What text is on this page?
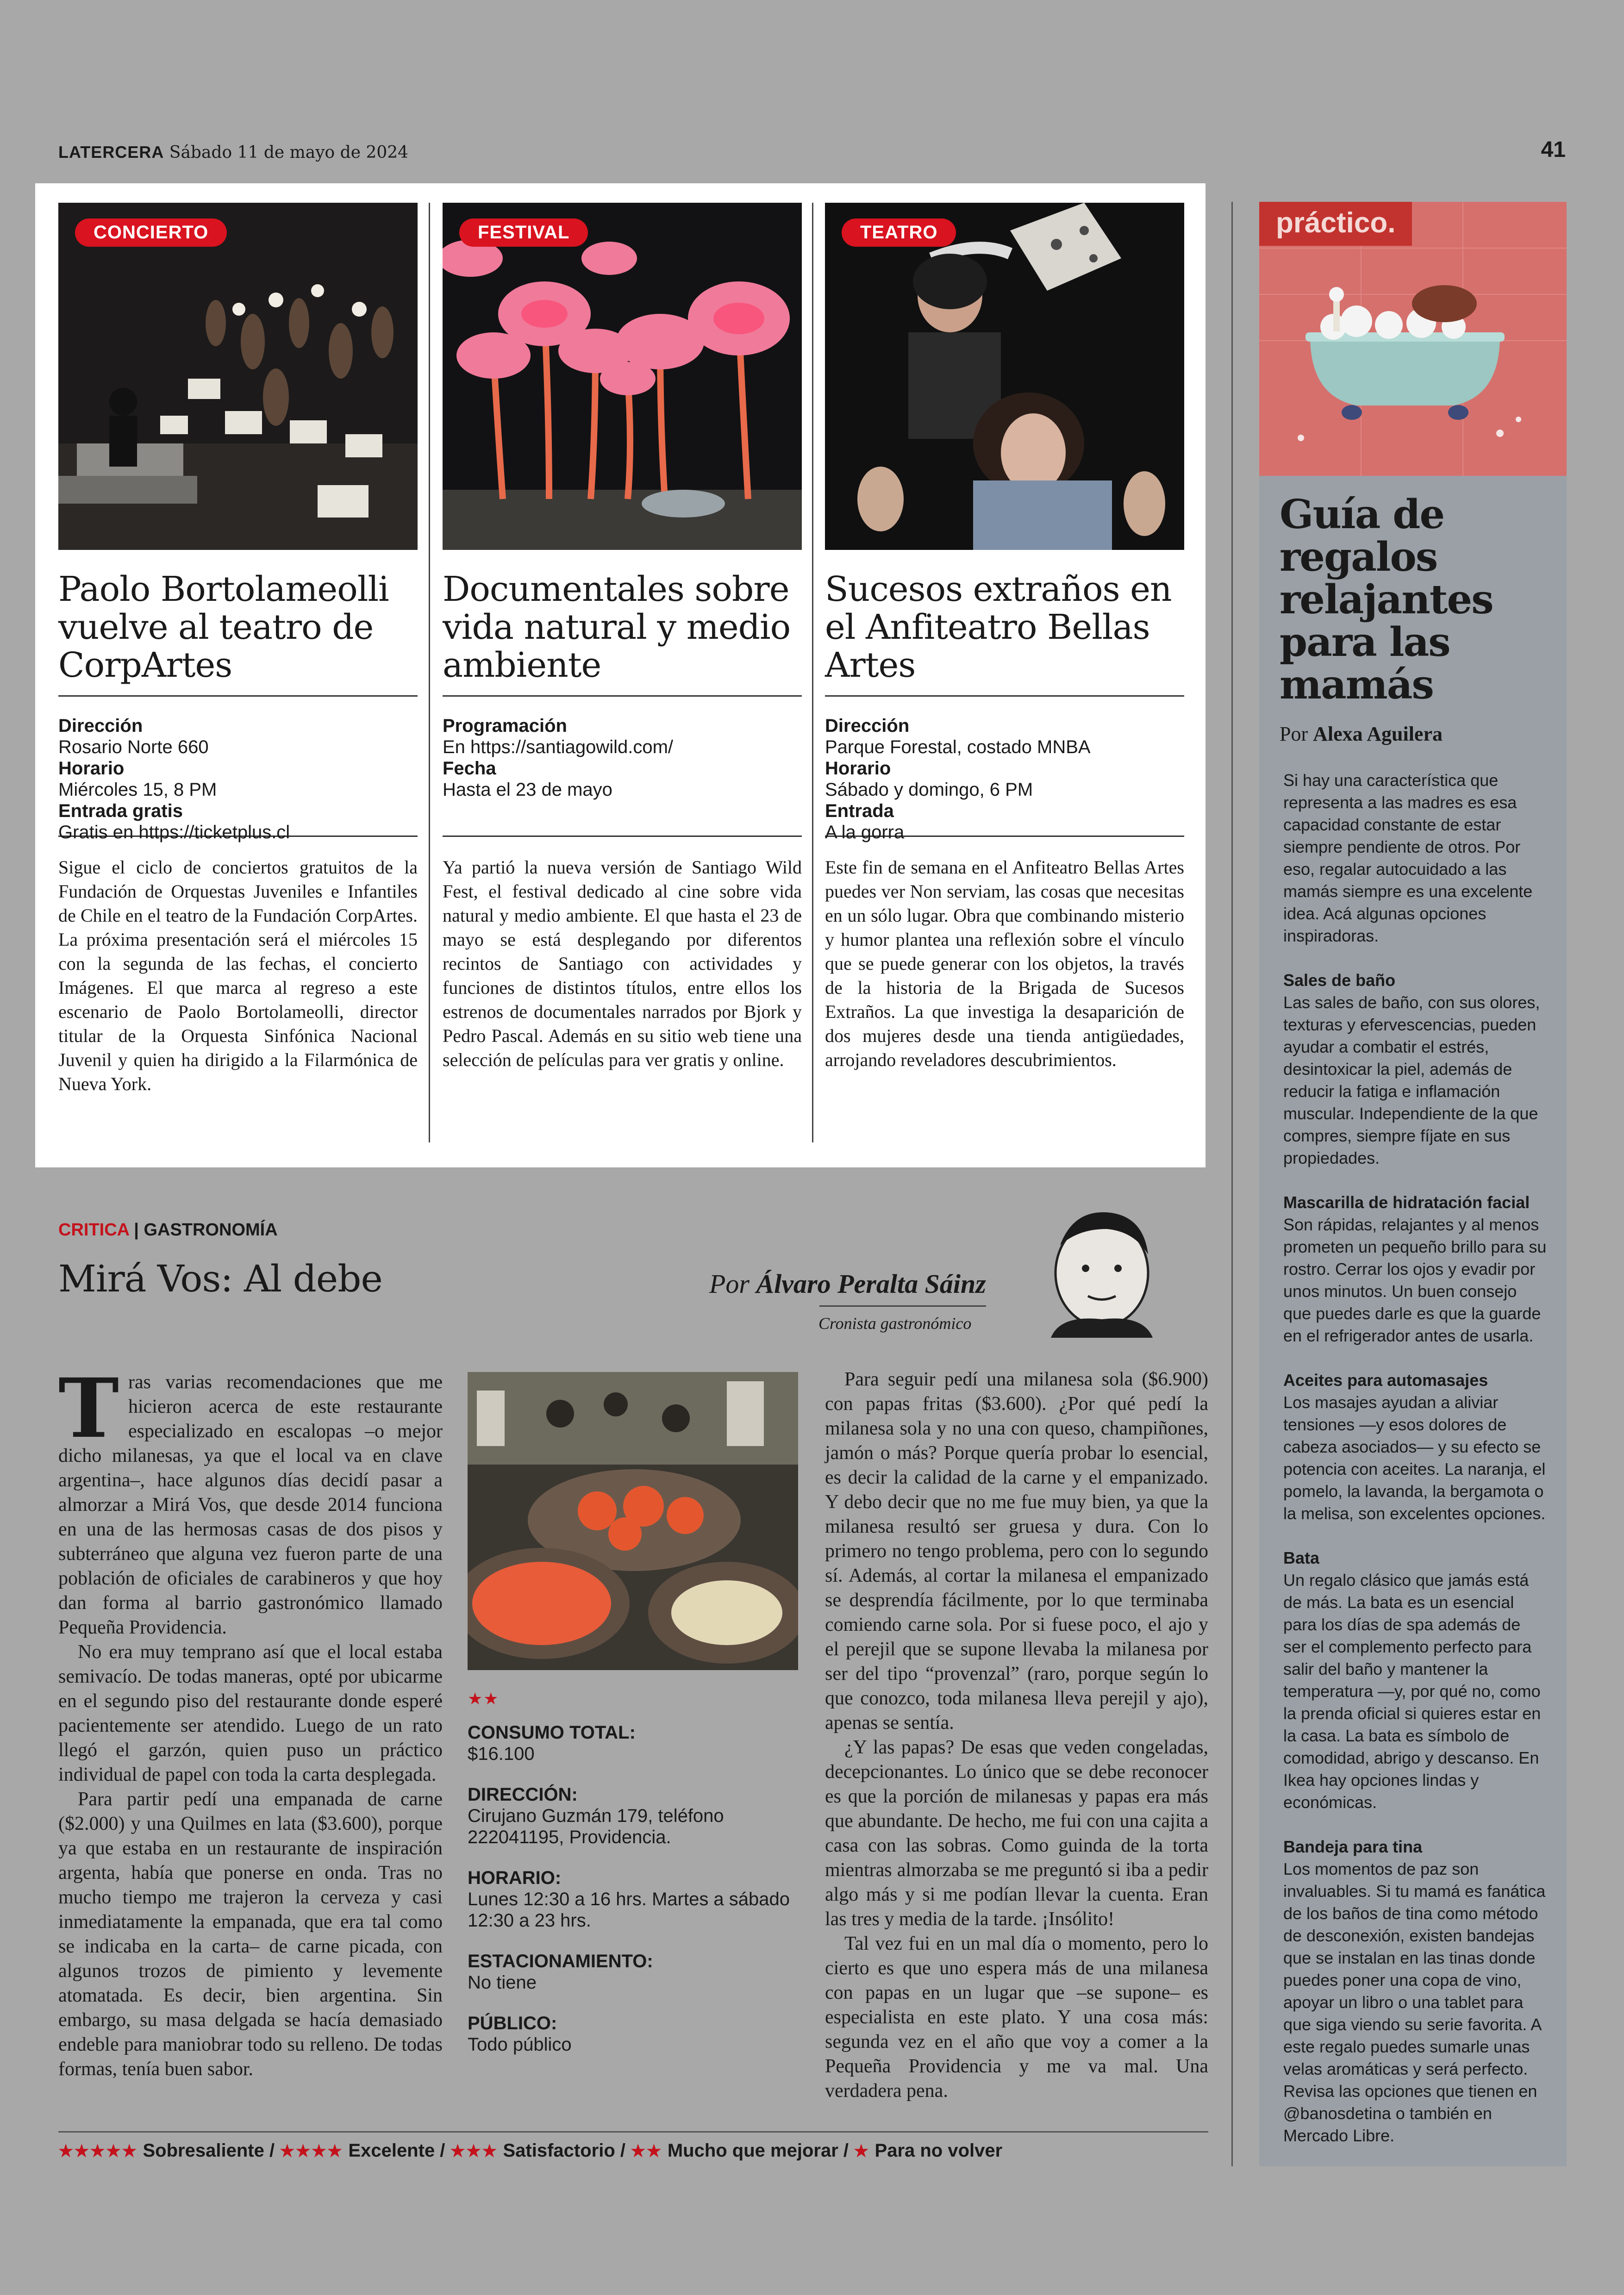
LATERCERA Sábado 11 de mayo de 2024	41
CONCIERTO
Paolo Bortolameolli vuelve al teatro de CorpArtes
Dirección
Rosario Norte 660
Horario
Miércoles 15, 8 PM
Entrada gratis
Gratis en https://ticketplus.cl
Sigue el ciclo de conciertos gratuitos de la Fundación de Orquestas Juveniles e Infantiles de Chile en el teatro de la Fundación CorpArtes. La próxima presentación será el miércoles 15 con la segunda de las fechas, el concierto Imágenes. El que marca al regreso a este escenario de Paolo Bortolameolli, director titular de la Orquesta Sinfónica Nacional Juvenil y quien ha dirigido a la Filarmónica de Nueva York.
FESTIVAL
Documentales sobre vida natural y medio ambiente
Programación
En https://santiagowild.com/
Fecha
Hasta el 23 de mayo
Ya partió la nueva versión de Santiago Wild Fest, el festival dedicado al cine sobre vida natural y medio ambiente. El que hasta el 23 de mayo se está desplegando por diferentos recintos de Santiago con actividades y funciones de distintos títulos, entre ellos los estrenos de documentales narrados por Bjork y Pedro Pascal. Además en su sitio web tiene una selección de películas para ver gratis y online.
TEATRO
Sucesos extraños en el Anfiteatro Bellas Artes
Dirección
Parque Forestal, costado MNBA
Horario
Sábado y domingo, 6 PM
Entrada
A la gorra
Este fin de semana en el Anfiteatro Bellas Artes puedes ver Non serviam, las cosas que necesitas en un sólo lugar. Obra que combinando misterio y humor plantea una reflexión sobre el vínculo que se puede generar con los objetos, la través de la historia de la Brigada de Sucesos Extraños. La que investiga la desaparición de dos mujeres desde una tienda antigüedades, arrojando reveladores descubrimientos.
práctico.
Guía de regalos relajantes para las mamás
Por Alexa Aguilera

Si hay una característica que representa a las madres es esa capacidad constante de estar siempre pendiente de otros. Por eso, regalar autocuidado a las mamás siempre es una excelente idea. Acá algunas opciones inspiradoras.

Sales de baño
Las sales de baño, con sus olores, texturas y efervescencias, pueden ayudar a combatir el estrés, desintoxicar la piel, además de reducir la fatiga e inflamación muscular. Independiente de la que compres, siempre fíjate en sus propiedades.

Mascarilla de hidratación facial
Son rápidas, relajantes y al menos prometen un pequeño brillo para su rostro. Cerrar los ojos y evadir por unos minutos. Un buen consejo que puedes darle es que la guarde en el refrigerador antes de usarla.

Aceites para automasajes
Los masajes ayudan a aliviar tensiones —y esos dolores de cabeza asociados— y su efecto se potencia con aceites. La naranja, el pomelo, la lavanda, la bergamota o la melisa, son excelentes opciones.

Bata
Un regalo clásico que jamás está de más. La bata es un esencial para los días de spa además de ser el complemento perfecto para salir del baño y mantener la temperatura —y, por qué no, como la prenda oficial si quieres estar en la casa. La bata es símbolo de comodidad, abrigo y descanso. En Ikea hay opciones lindas y económicas.

Bandeja para tina
Los momentos de paz son invaluables. Si tu mamá es fanática de los baños de tina como método de desconexión, existen bandejas que se instalan en las tinas donde puedes poner una copa de vino, apoyar un libro o una tablet para que siga viendo su serie favorita. A este regalo puedes sumarle unas velas aromáticas y será perfecto. Revisa las opciones que tienen en @banosdetina o también en Mercado Libre.

CRITICA | GASTRONOMÍA
Mirá Vos: Al debe	Por Álvaro Peralta Sáinz
Cronista gastronómico
T ras varias recomendaciones que me hicieron acerca de este restaurante especializado en escalopas –o mejor dicho milanesas, ya que el local va en clave argentina–, hace algunos días decidí pasar a almorzar a Mirá Vos, que desde 2014 funciona en una de las hermosas casas de dos pisos y subterráneo que alguna vez fueron parte de una población de oficiales de carabineros y que hoy dan forma al barrio gastronómico llamado Pequeña Providencia.

No era muy temprano así que el local estaba semivacío. De todas maneras, opté por ubicarme en el segundo piso del restaurante donde esperé pacientemente ser atendido. Luego de un rato llegó el garzón, quien puso un práctico individual de papel con toda la carta desplegada.

Para partir pedí una empanada de carne ($2.000) y una Quilmes en lata ($3.600), porque ya que estaba en un restaurante de inspiración argenta, había que ponerse en onda. Tras no mucho tiempo me trajeron la cerveza y casi inmediatamente la empanada, que era tal como se indicaba en la carta– de carne picada, con algunos trozos de pimiento y levemente atomatada. Es decir, bien argentina. Sin embargo, su masa delgada se hacía demasiado endeble para maniobrar todo su relleno. De todas formas, tenía buen sabor.

★★
CONSUMO TOTAL:
$16.100
DIRECCIÓN:
Cirujano Guzmán 179, teléfono 222041195, Providencia.
HORARIO:
Lunes 12:30 a 16 hrs. Martes a sábado 12:30 a 23 hrs.
ESTACIONAMIENTO:
No tiene
PÚBLICO:
Todo público

Para seguir pedí una milanesa sola ($6.900) con papas fritas ($3.600). ¿Por qué pedí la milanesa sola y no una con queso, champiñones, jamón o más? Porque quería probar lo esencial, es decir la calidad de la carne y el empanizado. Y debo decir que no me fue muy bien, ya que la milanesa resultó ser gruesa y dura. Con lo primero no tengo problema, pero con lo segundo sí. Además, al cortar la milanesa el empanizado se desprendía fácilmente, por lo que terminaba comiendo carne sola. Por si fuese poco, el ajo y el perejil que se supone llevaba la milanesa por ser del tipo “provenzal” (raro, porque según lo que conozco, toda milanesa lleva perejil y ajo), apenas se sentía.

¿Y las papas? De esas que veden congeladas, decepcionantes. Lo único que se debe reconocer es que la porción de milanesas y papas era más que abundante. De hecho, me fui con una cajita a casa con las sobras. Como guinda de la torta mientras almorzaba se me preguntó si iba a pedir algo más y si me podían llevar la cuenta. Eran las tres y media de la tarde. ¡Insólito!

Tal vez fui en un mal día o momento, pero lo cierto es que uno espera más de una milanesa con papas en un lugar que –se supone– es especialista en este plato. Y una cosa más: segunda vez en el año que voy a comer a la Pequeña Providencia y me va mal. Una verdadera pena.

★★★★★ Sobresaliente / ★★★★ Excelente / ★★★ Satisfactorio / ★★ Mucho que mejorar / ★ Para no volver
